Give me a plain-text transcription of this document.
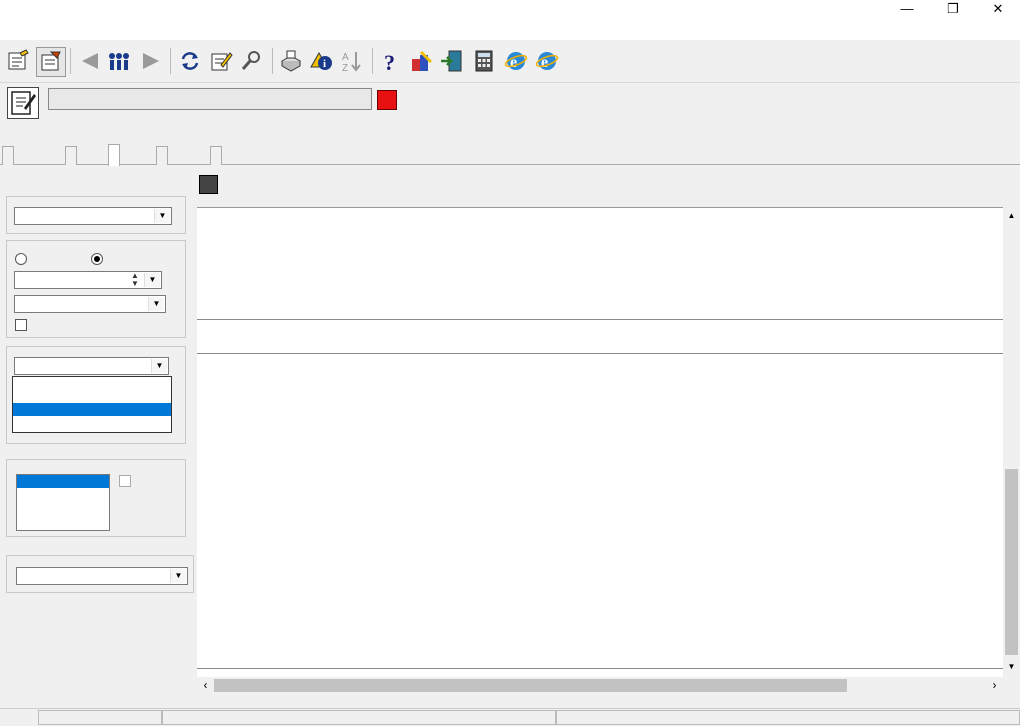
—	❐	✕
i
A
Z ?	e e
▼
▲
▼	▼
▼
▼
▼
▲
▼
‹	›
